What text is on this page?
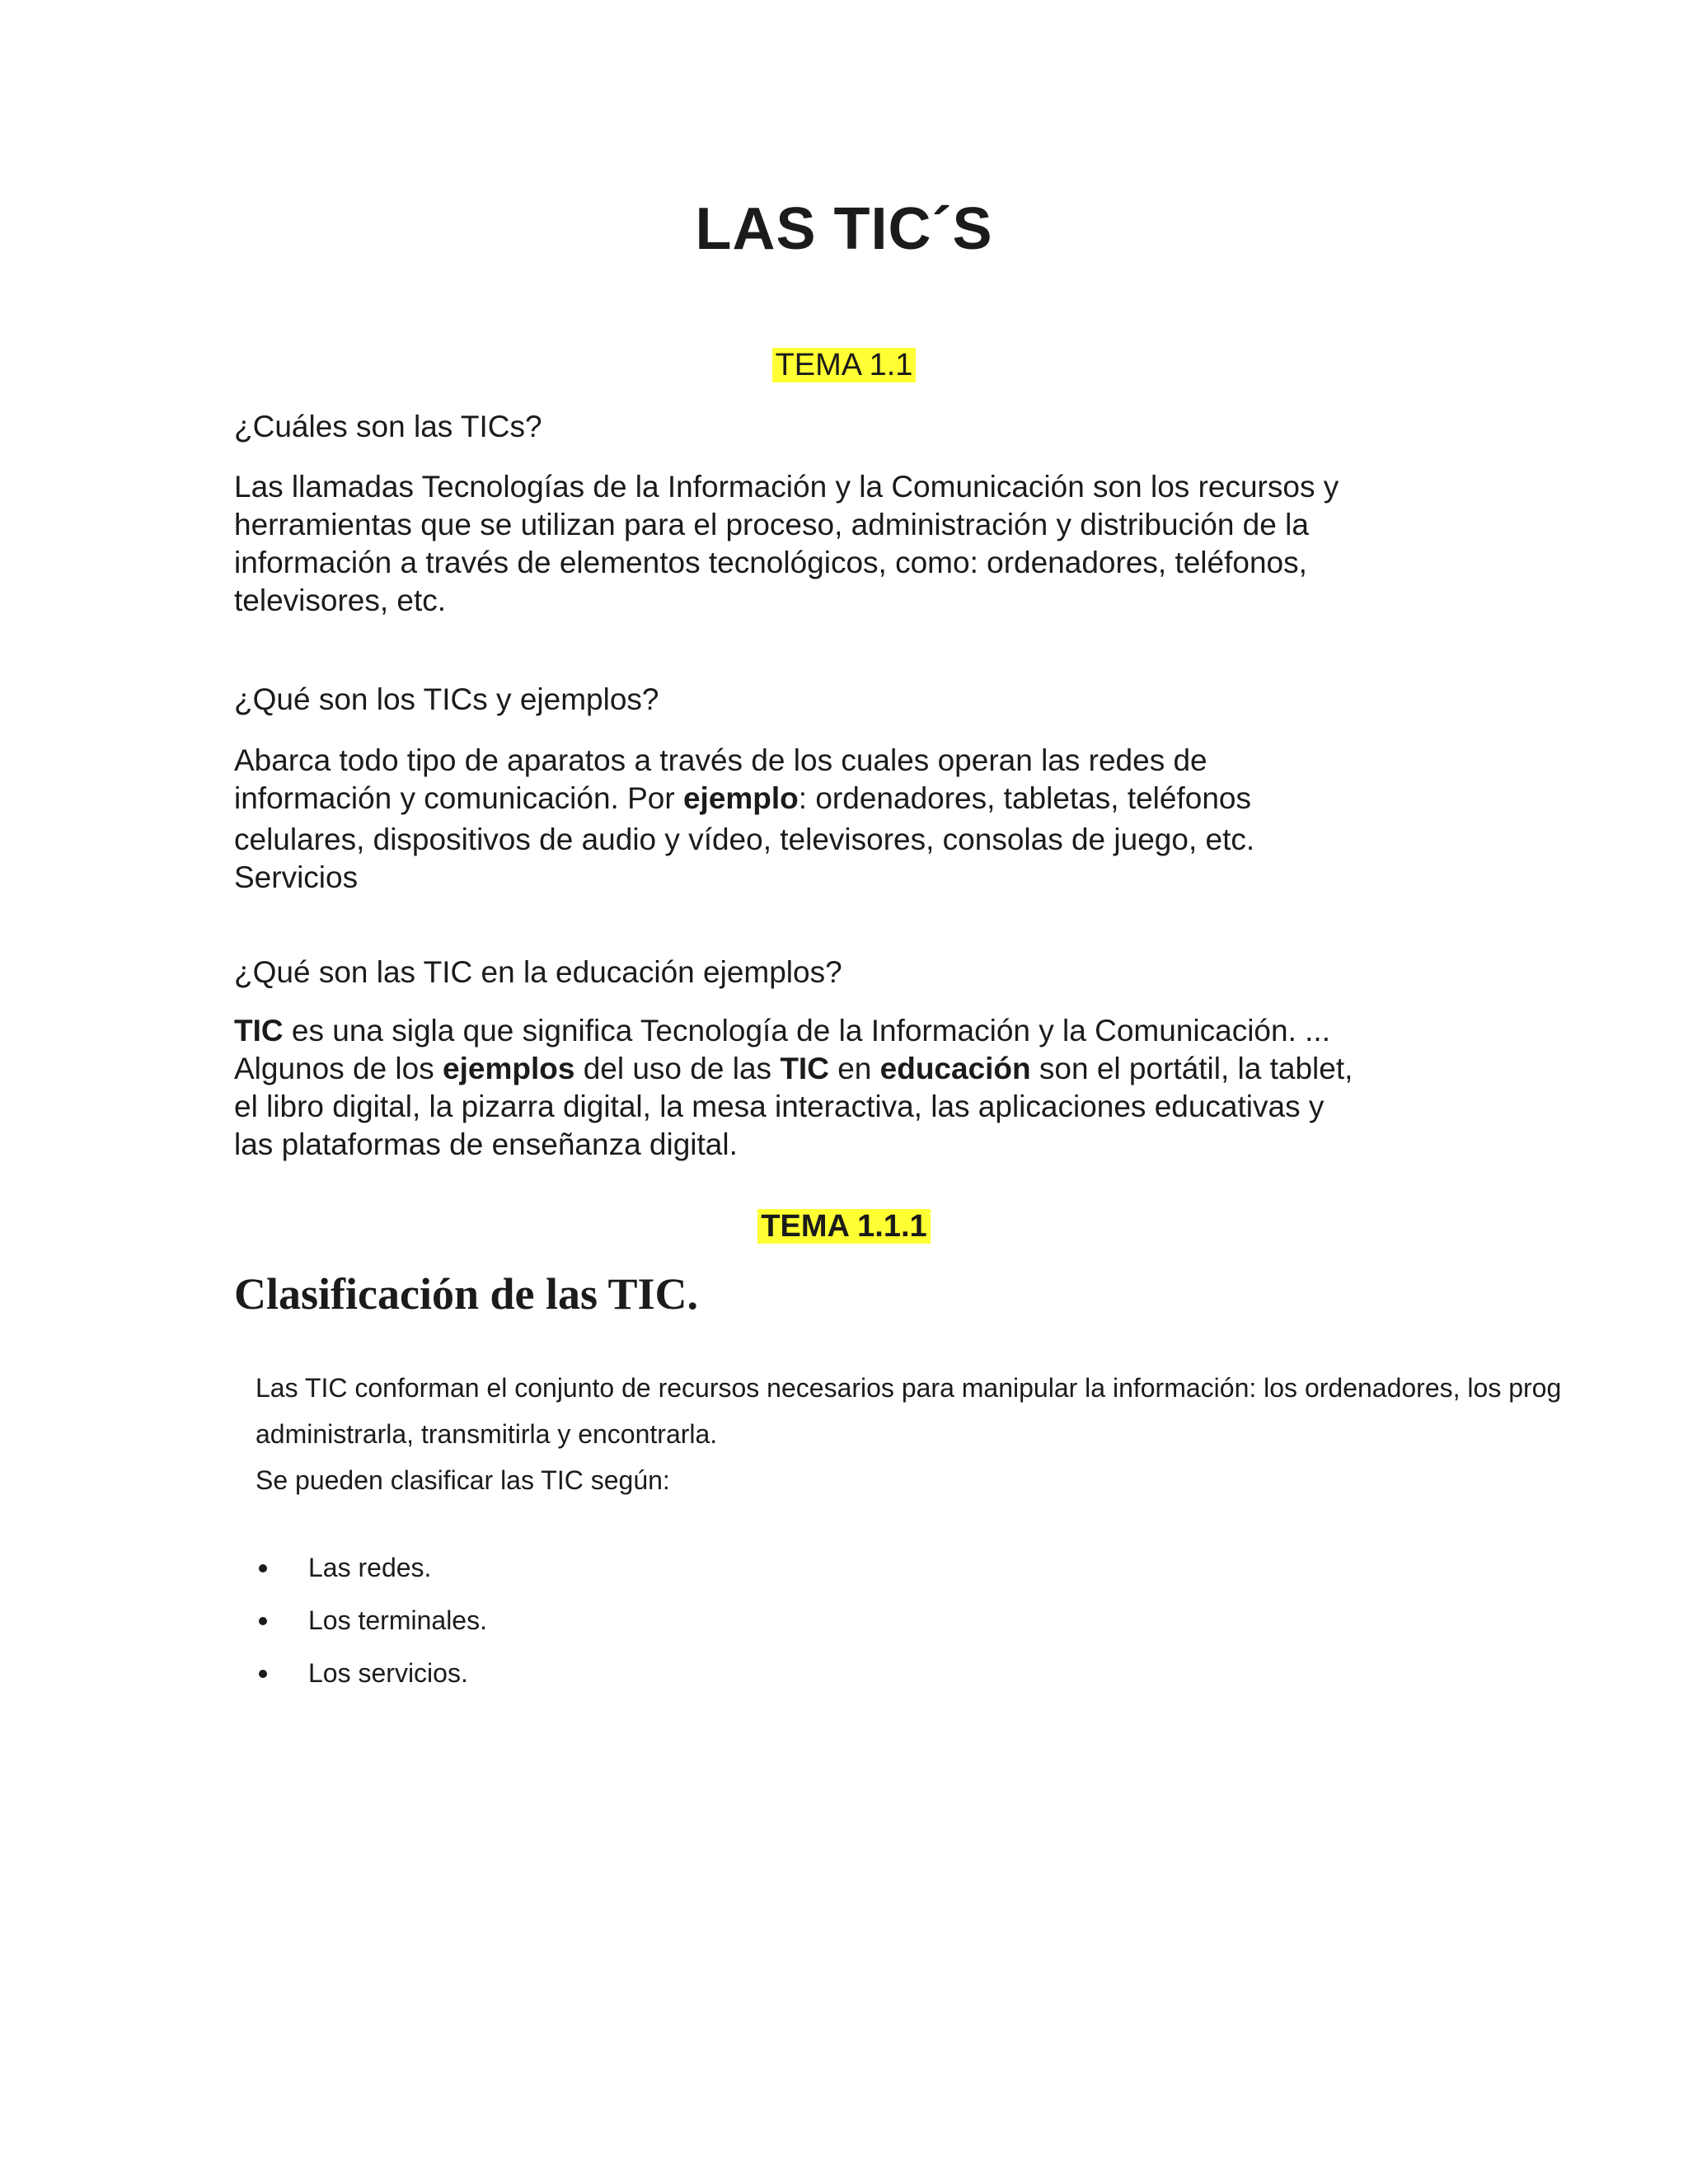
LAS TIC´S
TEMA 1.1

¿Cuáles son las TICs?

Las llamadas Tecnologías de la Información y la Comunicación son los recursos y
herramientas que se utilizan para el proceso, administración y distribución de la
información a través de elementos tecnológicos, como: ordenadores, teléfonos,
televisores, etc.

¿Qué son los TICs y ejemplos?

Abarca todo tipo de aparatos a través de los cuales operan las redes de
información y comunicación. Por ejemplo: ordenadores, tabletas, teléfonos
celulares, dispositivos de audio y vídeo, televisores, consolas de juego, etc.
Servicios

¿Qué son las TIC en la educación ejemplos?

TIC es una sigla que significa Tecnología de la Información y la Comunicación. ...
Algunos de los ejemplos del uso de las TIC en educación son el portátil, la tablet,
el libro digital, la pizarra digital, la mesa interactiva, las aplicaciones educativas y
las plataformas de enseñanza digital.
TEMA 1.1.1
Clasificación de las TIC.

Las TIC conforman el conjunto de recursos necesarios para manipular la información: los ordenadores, los prog

administrarla, transmitirla y encontrarla.

Se pueden clasificar las TIC según:

Las redes.
Los terminales.
Los servicios.
